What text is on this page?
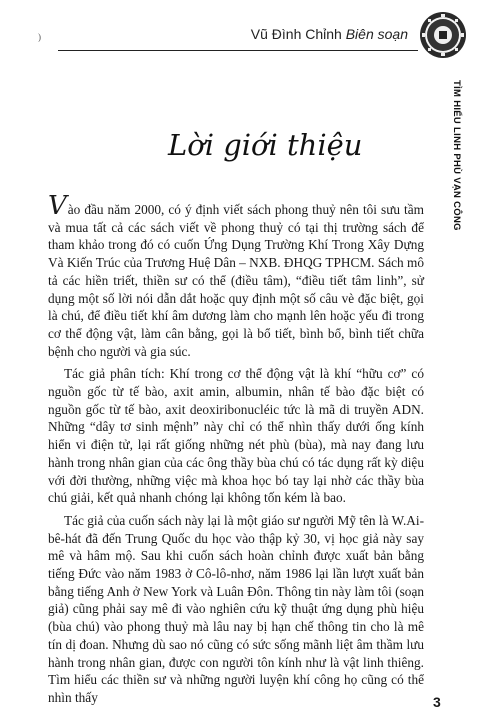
)	Vũ Đình Chỉnh Biên soạn
TÌM HIỂU LINH PHÙ VẠN CÔNG
Lời giới thiệu

Vào đầu năm 2000, có ý định viết sách phong thuỷ nên tôi sưu tầm và mua tất cả các sách viết về phong thuỷ có tại thị trường sách để tham khảo trong đó có cuốn Ứng Dụng Trường Khí Trong Xây Dựng Và Kiến Trúc của Trương Huệ Dân – NXB. ĐHQG TPHCM. Sách mô tả các hiền triết, thiền sư có thể (điều tâm), “điều tiết tâm linh”, sử dụng một số lời nói dẫn dắt hoặc quy định một số câu vè đặc biệt, gọi là chú, để điều tiết khí âm dương làm cho mạnh lên hoặc yếu đi trong cơ thể động vật, làm cân bằng, gọi là bổ tiết, bình bổ, bình tiết chữa bệnh cho người và gia súc.

Tác giả phân tích: Khí trong cơ thể động vật là khí “hữu cơ” có nguồn gốc từ tế bào, axit amin, albumin, nhân tế bào đặc biệt có nguồn gốc từ tế bào, axit deoxiribonucléic tức là mã di truyền ADN. Những “dây tơ sinh mệnh” này chỉ có thể nhìn thấy dưới ống kính hiển vi điện tử, lại rất giống những nét phù (bùa), mà nay đang lưu hành trong nhân gian của các ông thầy bùa chú có tác dụng rất kỳ diệu với đời thường, những việc mà khoa học bó tay lại nhờ các thầy bùa chú giải, kết quả nhanh chóng lại không tốn kém là bao.

Tác giả của cuốn sách này lại là một giáo sư người Mỹ tên là W.Ai-bê-hát đã đến Trung Quốc du học vào thập kỷ 30, vị học giả này say mê và hâm mộ. Sau khi cuốn sách hoàn chỉnh được xuất bản bằng tiếng Đức vào năm 1983 ở Cô-lô-nhơ, năm 1986 lại lần lượt xuất bản bằng tiếng Anh ở New York và Luân Đôn. Thông tin này làm tôi (soạn giả) cũng phải say mê đi vào nghiên cứu kỹ thuật ứng dụng phù hiệu (bùa chú) vào phong thuỷ mà lâu nay bị hạn chế thông tin cho là mê tín dị đoan. Nhưng dù sao nó cũng có sức sống mãnh liệt âm thầm lưu hành trong nhân gian, được con người tôn kính như là vật linh thiêng. Tìm hiểu các thiền sư và những người luyện khí công họ cũng có thể nhìn thấy	3
